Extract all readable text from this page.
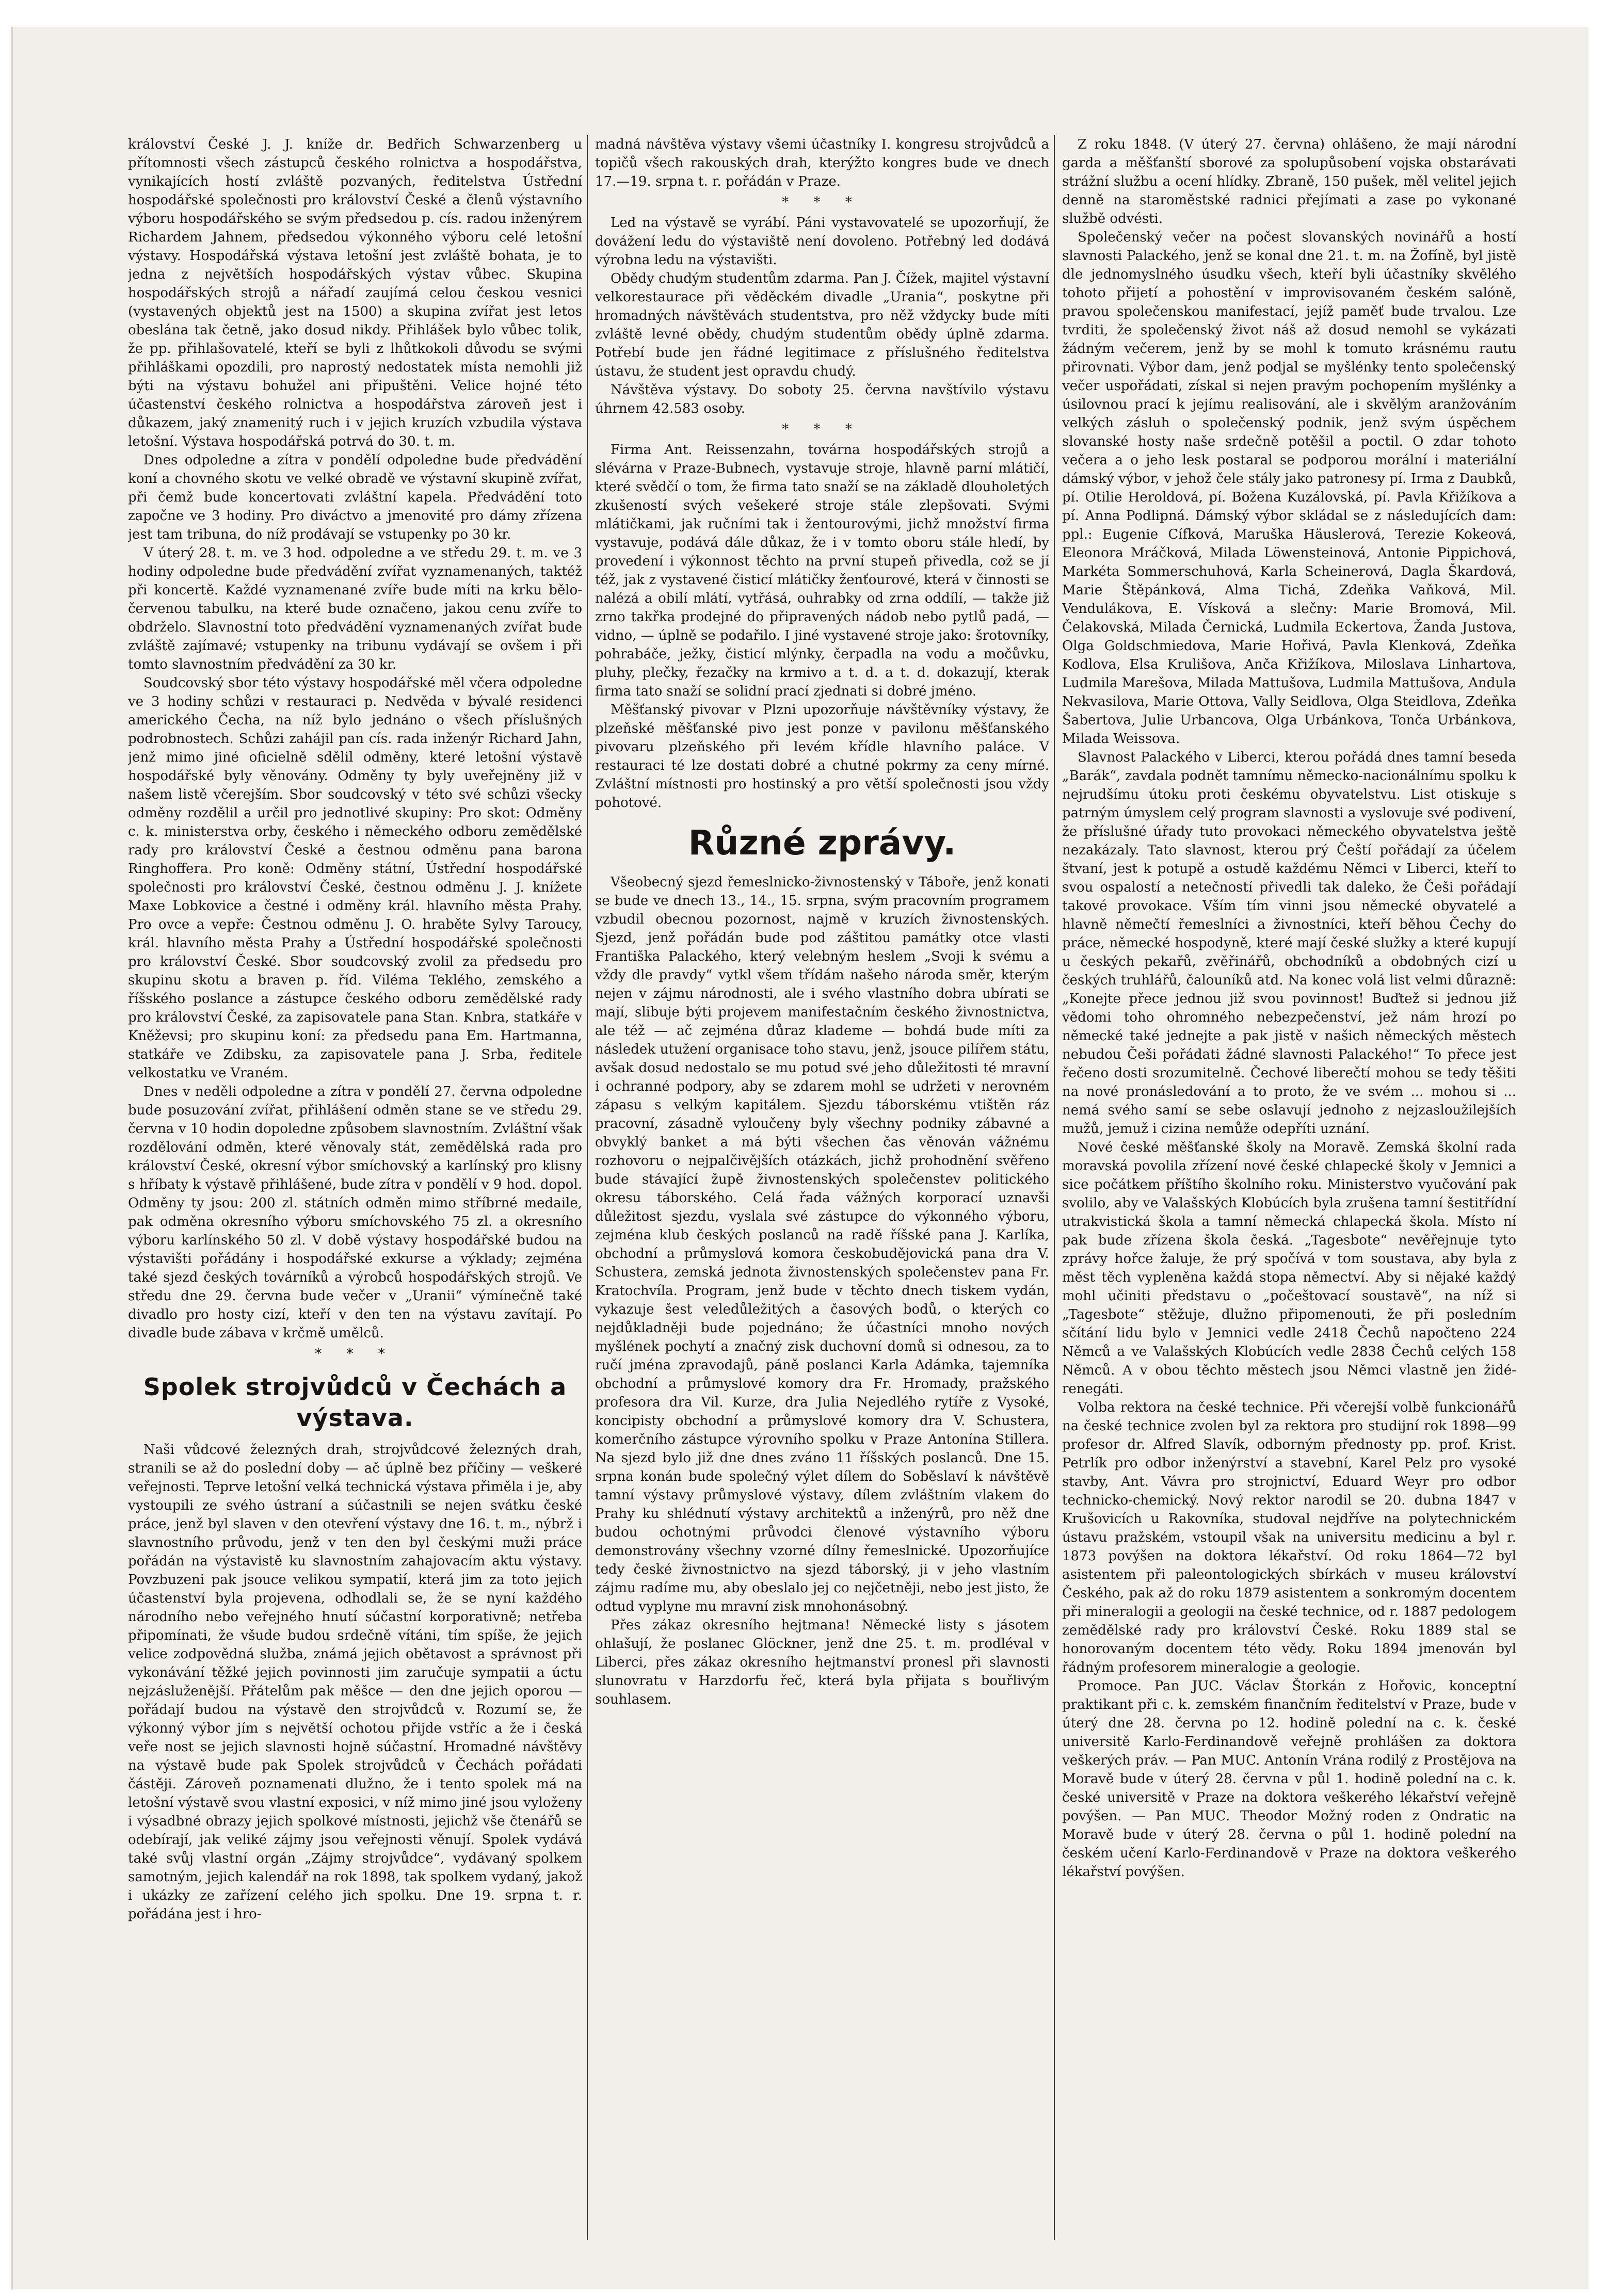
království České J. J. kníže dr. Bedřich Schwarzenberg u přítomnosti všech zástupců českého rolnictva a hospodářstva, vynikajících hostí zvláště pozvaných, ředitelstva Ústřední hospodářské společnosti pro království České a členů výstavního výboru hospodářského se svým předsedou p. cís. radou inženýrem Richardem Jahnem, předsedou výkonného výboru celé letošní výstavy. Hospodářská výstava letošní jest zvláště bohata, je to jedna z největších hospodářských výstav vůbec. Skupina hospodářských strojů a nářadí zaujímá celou českou vesnici (vystavených objektů jest na 1500) a skupina zvířat jest letos obeslána tak četně, jako dosud nikdy. Přihlášek bylo vůbec tolik, že pp. přihlašovatelé, kteří se byli z lhůtkokoli důvodu se svými přihláškami opozdili, pro naprostý nedostatek místa nemohli již býti na výstavu bohužel ani připuštěni. Velice hojné této účastenství českého rolnictva a hospodářstva zároveň jest i důkazem, jaký znamenitý ruch i v jejich kruzích vzbudila výstava letošní. Výstava hospodářská potrvá do 30. t. m.

Dnes odpoledne a zítra v pondělí odpoledne bude předvádění koní a chovného skotu ve velké obradě ve výstavní skupině zvířat, při čemž bude koncertovati zvláštní kapela. Předvádění toto započne ve 3 hodiny. Pro diváctvo a jmenovité pro dámy zřízena jest tam tribuna, do níž prodávají se vstupenky po 30 kr.

V úterý 28. t. m. ve 3 hod. odpoledne a ve středu 29. t. m. ve 3 hodiny odpoledne bude předvádění zvířat vyznamenaných, taktéž při koncertě. Každé vyznamenané zvíře bude míti na krku bělo-červenou tabulku, na které bude označeno, jakou cenu zvíře to obdrželo. Slavnostní toto předvádění vyznamenaných zvířat bude zvláště zajímavé; vstupenky na tribunu vydávají se ovšem i při tomto slavnostním předvádění za 30 kr.

Soudcovský sbor této výstavy hospodářské měl včera odpoledne ve 3 hodiny schůzi v restauraci p. Nedvěda v bývalé residenci amerického Čecha, na níž bylo jednáno o všech příslušných podrobnostech. Schůzi zahájil pan cís. rada inženýr Richard Jahn, jenž mimo jiné oficielně sdělil odměny, které letošní výstavě hospodářské byly věnovány. Odměny ty byly uveřejněny již v našem listě včerejším. Sbor soudcovský v této své schůzi všecky odměny rozdělil a určil pro jednotlivé skupiny: Pro skot: Odměny c. k. ministerstva orby, českého i německého odboru zemědělské rady pro království České a čestnou odměnu pana barona Ringhoffera. Pro koně: Odměny státní, Ústřední hospodářské společnosti pro království České, čestnou odměnu J. J. knížete Maxe Lobkovice a čestné i odměny král. hlavního města Prahy. Pro ovce a vepře: Čestnou odměnu J. O. hraběte Sylvy Taroucy, král. hlavního města Prahy a Ústřední hospodářské společnosti pro království České. Sbor soudcovský zvolil za předsedu pro skupinu skotu a braven p. říd. Viléma Teklého, zemského a říšského poslance a zástupce českého odboru zemědělské rady pro království České, za zapisovatele pana Stan. Knbra, statkáře v Kněževsi; pro skupinu koní: za předsedu pana Em. Hartmanna, statkáře ve Zdibsku, za zapisovatele pana J. Srba, ředitele velkostatku ve Vraném.

Dnes v neděli odpoledne a zítra v pondělí 27. června odpoledne bude posuzování zvířat, přihlášení odměn stane se ve středu 29. června v 10 hodin dopoledne způsobem slavnostním. Zvláštní však rozdělování odměn, které věnovaly stát, zemědělská rada pro království České, okresní výbor smíchovský a karlínský pro klisny s hříbaty k výstavě přihlášené, bude zítra v pondělí v 9 hod. dopol. Odměny ty jsou: 200 zl. státních odměn mimo stříbrné medaile, pak odměna okresního výboru smíchovského 75 zl. a okresního výboru karlínského 50 zl. V době výstavy hospodářské budou na výstavišti pořádány i hospodářské exkurse a výklady; zejména také sjezd českých továrníků a výrobců hospodářských strojů. Ve středu dne 29. června bude večer v „Uranii“ výmínečně také divadlo pro hosty cizí, kteří v den ten na výstavu zavítají. Po divadle bude zábava v krčmě umělců.

* * *
Spolek strojvůdců v Čechách a výstava.

Naši vůdcové železných drah, strojvůdcové železných drah, stranili se až do poslední doby — ač úplně bez příčiny — veškeré veřejnosti. Teprve letošní velká technická výstava přiměla i je, aby vystoupili ze svého ústraní a súčastnili se nejen svátku české práce, jenž byl slaven v den otevření výstavy dne 16. t. m., nýbrž i slavnostního průvodu, jenž v ten den byl českými muži práce pořádán na výstavistě ku slavnostním zahajovacím aktu výstavy. Povzbuzeni pak jsouce velikou sympatií, která jim za toto jejich účastenství byla projevena, odhodlali se, že se nyní každého národního nebo veřejného hnutí súčastní korporativně; netřeba připomínati, že všude budou srdečně vítáni, tím spíše, že jejich velice zodpovědná služba, známá jejich obětavost a správnost při vykonávání těžké jejich povinnosti jim zaručuje sympatii a úctu nejzásluženější. Přátelům pak měšce — den dne jejich oporou — pořádají budou na výstavě den strojvůdců v. Rozumí se, že výkonný výbor jím s největší ochotou přijde vstříc a že i česká veře nost se jejich slavnosti hojně súčastní. Hromadné návštěvy na výstavě bude pak Spolek strojvůdců v Čechách pořádati částěji. Zároveň poznamenati dlužno, že i tento spolek má na letošní výstavě svou vlastní exposici, v níž mimo jiné jsou vyloženy i výsadbné obrazy jejich spolkové místnosti, jejichž vše čtenářů se odebírají, jak veliké zájmy jsou veřejnosti věnují. Spolek vydává také svůj vlastní orgán „Zájmy strojvůdce“, vydávaný spolkem samotným, jejich kalendář na rok 1898, tak spolkem vydaný, jakož i ukázky ze zařízení celého jich spolku. Dne 19. srpna t. r. pořádána jest i hro-

madná návštěva výstavy všemi účastníky I. kongresu strojvůdců a topičů všech rakouských drah, kterýžto kongres bude ve dnech 17.—19. srpna t. r. pořádán v Praze.

* * *

Led na výstavě se vyrábí. Páni vystavovatelé se upozorňují, že dovážení ledu do výstaviště není dovoleno. Potřebný led dodává výrobna ledu na výstavišti.

Obědy chudým studentům zdarma. Pan J. Čížek, majitel výstavní velkorestaurace při věděckém divadle „Urania“, poskytne při hromadných návštěvách studentstva, pro něž vždycky bude míti zvláště levné obědy, chudým studentům obědy úplně zdarma. Potřebí bude jen řádné legitimace z příslušného ředitelstva ústavu, že student jest opravdu chudý.

Návštěva výstavy. Do soboty 25. června navštívilo výstavu úhrnem 42.583 osoby.

* * *

Firma Ant. Reissenzahn, továrna hospodářských strojů a slévárna v Praze-Bubnech, vystavuje stroje, hlavně parní mlátičí, které svědčí o tom, že firma tato snaží se na základě dlouholetých zkušeností svých vešekeré stroje stále zlepšovati. Svými mlátičkami, jak ručními tak i žentourovými, jichž množství firma vystavuje, podává dále důkaz, že i v tomto oboru stále hledí, by provedení i výkonnost těchto na první stupeň přivedla, což se jí též, jak z vystavené čisticí mlátičky ženťourové, která v činnosti se nalézá a obilí mlátí, vytřásá, ouhrabky od zrna oddílí, — takže již zrno takřka prodejné do připravených nádob nebo pytlů padá, — vidno, — úplně se podařilo. I jiné vystavené stroje jako: šrotovníky, pohrabáče, ježky, čisticí mlýnky, čerpadla na vodu a močůvku, pluhy, plečky, řezačky na krmivo a t. d. a t. d. dokazují, kterak firma tato snaží se solidní prací zjednati si dobré jméno.

Měšťanský pivovar v Plzni upozorňuje návštěvníky výstavy, že plzeňské měšťanské pivo jest ponze v pavilonu měšťanského pivovaru plzeňského při levém křídle hlavního paláce. V restauraci té lze dostati dobré a chutné pokrmy za ceny mírné. Zvláštní místnosti pro hostinský a pro větší společnosti jsou vždy pohotové.

Různé zprávy.

Všeobecný sjezd řemeslnicko-živnostenský v Táboře, jenž konati se bude ve dnech 13., 14., 15. srpna, svým pracovním programem vzbudil obecnou pozornost, najmě v kruzích živnostenských. Sjezd, jenž pořádán bude pod záštitou památky otce vlasti Františka Palackého, který velebným heslem „Svoji k svému a vždy dle pravdy“ vytkl všem třídám našeho národa směr, kterým nejen v zájmu národnosti, ale i svého vlastního dobra ubírati se mají, slibuje býti projevem manifestačním českého živnostnictva, ale též — ač zejména důraz klademe — bohdá bude míti za následek utužení organisace toho stavu, jenž, jsouce pilířem státu, avšak dosud nedostalo se mu potud své jeho důležitosti té mravní i ochranné podpory, aby se zdarem mohl se udržeti v nerovném zápasu s velkým kapitálem. Sjezdu táborskému vtištěn ráz pracovní, zásadně vyloučeny byly všechny podniky zábavné a obvyklý banket a má býti všechen čas věnován vážnému rozhovoru o nejpalčivějších otázkách, jichž prohodnění svěřeno bude stávající župě živnostenských společenstev politického okresu táborského. Celá řada vážných korporací uznavši důležitost sjezdu, vyslala své zástupce do výkonného výboru, zejména klub českých poslanců na radě říšské pana J. Karlíka, obchodní a průmyslová komora českobudějovická pana dra V. Schustera, zemská jednota živnostenských společenstev pana Fr. Kratochvíla. Program, jenž bude v těchto dnech tiskem vydán, vykazuje šest veledůležitých a časových bodů, o kterých co nejdůkladněji bude pojednáno; že účastníci mnoho nových myšlének pochytí a značný zisk duchovní domů si odnesou, za to ručí jména zpravodajů, páně poslanci Karla Adámka, tajemníka obchodní a průmyslové komory dra Fr. Hromady, pražského profesora dra Vil. Kurze, dra Julia Nejedlého rytíře z Vysoké, koncipisty obchodní a průmyslové komory dra V. Schustera, komerčního zástupce výrovního spolku v Praze Antonína Stillera. Na sjezd bylo již dne dnes zváno 11 říšských poslanců. Dne 15. srpna konán bude společný výlet dílem do Soběslaví k návštěvě tamní výstavy průmyslové výstavy, dílem zvláštním vlakem do Prahy ku shlédnutí výstavy architektů a inženýrů, pro něž dne budou ochotnými průvodci členové výstavního výboru demonstrovány všechny vzorné dílny řemeslnické. Upozorňujíce tedy české živnostnictvo na sjezd táborský, ji v jeho vlastním zájmu radíme mu, aby obeslalo jej co nejčetněji, nebo jest jisto, že odtud vyplyne mu mravní zisk mnohonásobný.

Přes zákaz okresního hejtmana! Německé listy s jásotem ohlašují, že poslanec Glöckner, jenž dne 25. t. m. prodléval v Liberci, přes zákaz okresního hejtmanství pronesl při slavnosti slunovratu v Harzdorfu řeč, která byla přijata s bouřlivým souhlasem.

Z roku 1848. (V úterý 27. června) ohlášeno, že mají národní garda a měšťanští sborové za spolupůsobení vojska obstarávati strážní službu a ocení hlídky. Zbraně, 150 pušek, měl velitel jejich denně na staroměstské radnici přejímati a zase po vykonané službě odvésti.

Společenský večer na počest slovanských novinářů a hostí slavnosti Palackého, jenž se konal dne 21. t. m. na Žofíně, byl jistě dle jednomyslného úsudku všech, kteří byli účastníky skvělého tohoto přijetí a pohostění v improvisovaném českém salóně, pravou společenskou manifestací, jejíž paměť bude trvalou. Lze tvrditi, že společenský život náš až dosud nemohl se vykázati žádným večerem, jenž by se mohl k tomuto krásnému rautu přirovnati. Výbor dam, jenž podjal se myšlénky tento společenský večer uspořádati, získal si nejen pravým pochopením myšlénky a úsilovnou prací k jejímu realisování, ale i skvělým aranžováním velkých zásluh o společenský podnik, jenž svým úspěchem slovanské hosty naše srdečně potěšil a poctil. O zdar tohoto večera a o jeho lesk postaral se podporou morální i materiální dámský výbor, v jehož čele stály jako patronesy pí. Irma z Daubků, pí. Otilie Heroldová, pí. Božena Kuzálovská, pí. Pavla Křižíkova a pí. Anna Podlipná. Dámský výbor skládal se z následujících dam: ppl.: Eugenie Cífková, Maruška Häuslerová, Terezie Kokeová, Eleonora Mráčková, Milada Löwensteinová, Antonie Pippichová, Markéta Sommerschuhová, Karla Scheinerová, Dagla Škardová, Marie Štěpánková, Alma Tichá, Zdeňka Vaňková, Mil. Vendulákova, E. Vísková a slečny: Marie Bromová, Mil. Čelakovská, Milada Černická, Ludmila Eckertova, Žanda Justova, Olga Goldschmiedova, Marie Hořivá, Pavla Klenková, Zdeňka Kodlova, Elsa Krulišova, Anča Křižíkova, Miloslava Linhartova, Ludmila Marešova, Milada Mattušova, Ludmila Mattušova, Andula Nekvasilova, Marie Ottova, Vally Seidlova, Olga Steidlova, Zdeňka Šabertova, Julie Urbancova, Olga Urbánkova, Tonča Urbánkova, Milada Weissova.

Slavnost Palackého v Liberci, kterou pořádá dnes tamní beseda „Barák“, zavdala podnět tamnímu německo-nacionálnímu spolku k nejrudšímu útoku proti českému obyvatelstvu. List otiskuje s patrným úmyslem celý program slavnosti a vyslovuje své podivení, že příslušné úřady tuto provokaci německého obyvatelstva ještě nezakázaly. Tato slavnost, kterou prý Čeští pořádají za účelem štvaní, jest k potupě a ostudě každému Němci v Liberci, kteří to svou ospalostí a netečností přivedli tak daleko, že Češi pořádají takové provokace. Vším tím vinni jsou německé obyvatelé a hlavně němečtí řemeslníci a živnostníci, kteří běhou Čechy do práce, německé hospodyně, které mají české služky a které kupují u českých pekařů, zvěřinářů, obchodníků a obdobných cizí u českých truhlářů, čalouníků atd. Na konec volá list velmi důrazně: „Konejte přece jednou již svou povinnost! Buďtež si jednou již vědomi toho ohromného nebezpečenství, jež nám hrozí po německé také jednejte a pak jistě v našich německých městech nebudou Češi pořádati žádné slavnosti Palackého!“ To přece jest řečeno dosti srozumitelně. Čechové liberečtí mohou se tedy těšiti na nové pronásledování a to proto, že ve svém ... mohou si ... nemá svého samí se sebe oslavují jednoho z nejzasloužilejších mužů, jemuž i cizina nemůže odepříti uznání.

Nové české měšťanské školy na Moravě. Zemská školní rada moravská povolila zřízení nové české chlapecké školy v Jemnici a sice počátkem příštího školního roku. Ministerstvo vyučování pak svolilo, aby ve Valašských Klobúcích byla zrušena tamní šestitřídní utrakvistická škola a tamní německá chlapecká škola. Místo ní pak bude zřízena škola česká. „Tagesbote“ nevěřejnuje tyto zprávy hořce žaluje, že prý spočívá v tom soustava, aby byla z měst těch vypleněna každá stopa němectví. Aby si nějaké každý mohl učiniti představu o „počeštovací soustavě“, na níž si „Tagesbote“ stěžuje, dlužno připomenouti, že při posledním sčítání lidu bylo v Jemnici vedle 2418 Čechů napočteno 224 Němců a ve Valašských Klobúcích vedle 2838 Čechů celých 158 Němců. A v obou těchto městech jsou Němci vlastně jen židé-renegáti.

Volba rektora na české technice. Při včerejší volbě funkcionářů na české technice zvolen byl za rektora pro studijní rok 1898—99 profesor dr. Alfred Slavík, odborným přednosty pp. prof. Krist. Petrlík pro odbor inženýrství a stavební, Karel Pelz pro vysoké stavby, Ant. Vávra pro strojnictví, Eduard Weyr pro odbor technicko-chemický. Nový rektor narodil se 20. dubna 1847 v Krušovicích u Rakovníka, studoval nejdříve na polytechnickém ústavu pražském, vstoupil však na universitu medicinu a byl r. 1873 povýšen na doktora lékařství. Od roku 1864—72 byl asistentem při paleontologických sbírkách v museu království Českého, pak až do roku 1879 asistentem a sonkromým docentem při mineralogii a geologii na české technice, od r. 1887 pedologem zemědělské rady pro království České. Roku 1889 stal se honorovaným docentem této vědy. Roku 1894 jmenován byl řádným profesorem mineralogie a geologie.

Promoce. Pan JUC. Václav Štorkán z Hořovic, konceptní praktikant při c. k. zemském finančním ředitelství v Praze, bude v úterý dne 28. června po 12. hodině polední na c. k. české universitě Karlo-Ferdinandově veřejně prohlášen za doktora veškerých práv. — Pan MUC. Antonín Vrána rodilý z Prostějova na Moravě bude v úterý 28. června v půl 1. hodině polední na c. k. české universitě v Praze na doktora veškerého lékařství veřejně povýšen. — Pan MUC. Theodor Možný roden z Ondratic na Moravě bude v úterý 28. června o půl 1. hodině polední na českém učení Karlo-Ferdinandově v Praze na doktora veškerého lékařství povýšen.
